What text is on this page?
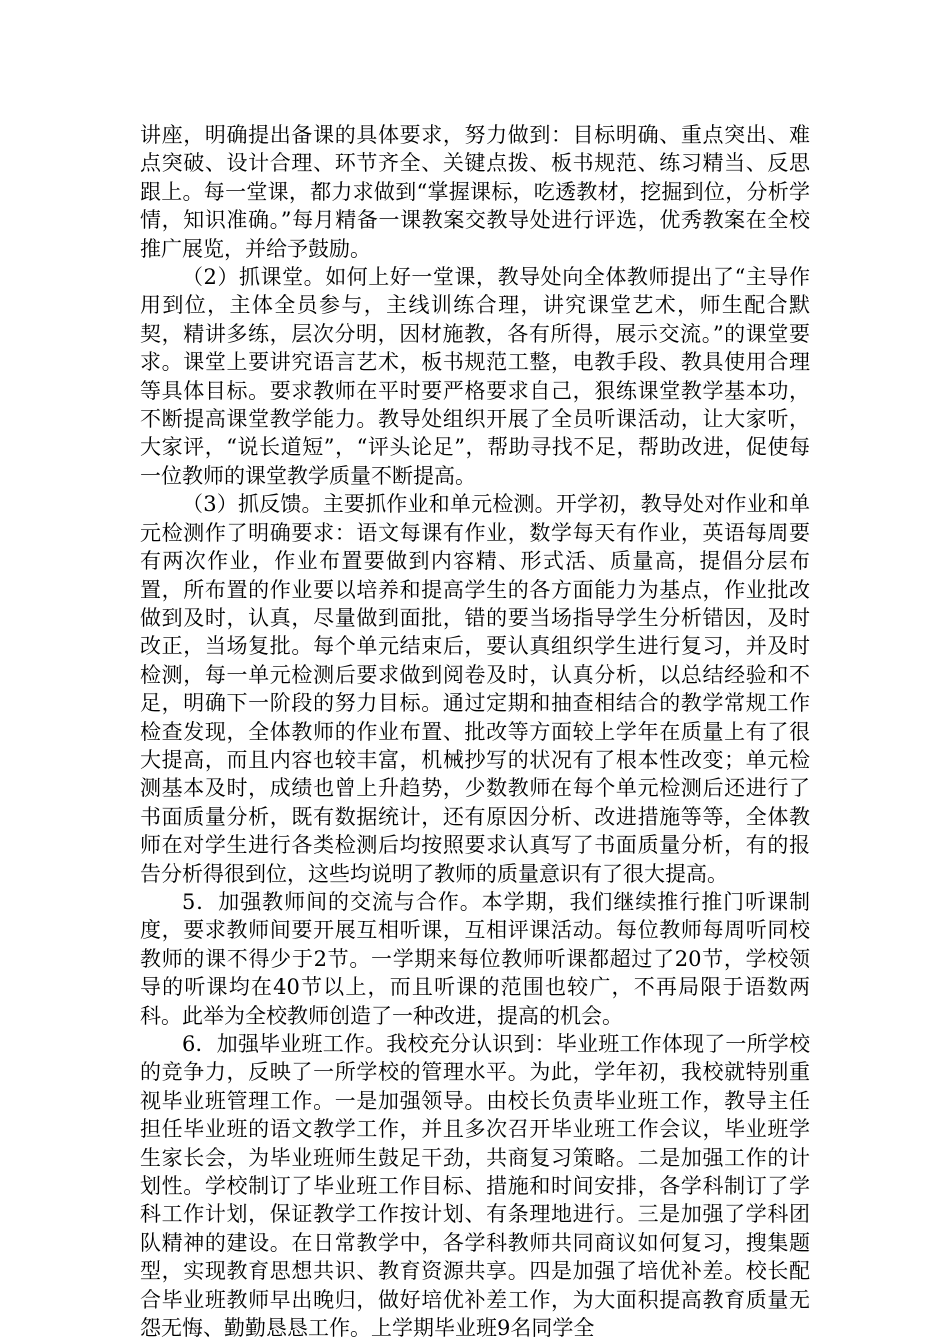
讲座，明确提出备课的具体要求，努力做到：目标明确、重点突出、难点突破、设计合理、环节齐全、关键点拨、板书规范、练习精当、反思跟上。每一堂课，都力求做到“掌握课标，吃透教材，挖掘到位，分析学情，知识准确。”每月精备一课教案交教导处进行评选，优秀教案在全校推广展览，并给予鼓励。

（2）抓课堂。如何上好一堂课，教导处向全体教师提出了“主导作用到位，主体全员参与，主线训练合理，讲究课堂艺术，师生配合默契，精讲多练，层次分明，因材施教，各有所得，展示交流。”的课堂要求。课堂上要讲究语言艺术，板书规范工整，电教手段、教具使用合理等具体目标。要求教师在平时要严格要求自己，狠练课堂教学基本功，不断提高课堂教学能力。教导处组织开展了全员听课活动，让大家听，大家评，“说长道短”，“评头论足”，帮助寻找不足，帮助改进，促使每一位教师的课堂教学质量不断提高。

（3）抓反馈。主要抓作业和单元检测。开学初，教导处对作业和单元检测作了明确要求：语文每课有作业，数学每天有作业，英语每周要有两次作业，作业布置要做到内容精、形式活、质量高，提倡分层布置，所布置的作业要以培养和提高学生的各方面能力为基点，作业批改做到及时，认真，尽量做到面批，错的要当场指导学生分析错因，及时改正，当场复批。每个单元结束后，要认真组织学生进行复习，并及时检测，每一单元检测后要求做到阅卷及时，认真分析，以总结经验和不足，明确下一阶段的努力目标。通过定期和抽查相结合的教学常规工作检查发现，全体教师的作业布置、批改等方面较上学年在质量上有了很大提高，而且内容也较丰富，机械抄写的状况有了根本性改变；单元检测基本及时，成绩也曾上升趋势，少数教师在每个单元检测后还进行了书面质量分析，既有数据统计，还有原因分析、改进措施等等，全体教师在对学生进行各类检测后均按照要求认真写了书面质量分析，有的报告分析得很到位，这些均说明了教师的质量意识有了很大提高。

5．加强教师间的交流与合作。本学期，我们继续推行推门听课制度，要求教师间要开展互相听课，互相评课活动。每位教师每周听同校教师的课不得少于2节。一学期来每位教师听课都超过了20节，学校领导的听课均在40节以上，而且听课的范围也较广，不再局限于语数两科。此举为全校教师创造了一种改进，提高的机会。

6．加强毕业班工作。我校充分认识到：毕业班工作体现了一所学校的竞争力，反映了一所学校的管理水平。为此，学年初，我校就特别重视毕业班管理工作。一是加强领导。由校长负责毕业班工作，教导主任担任毕业班的语文教学工作，并且多次召开毕业班工作会议，毕业班学生家长会，为毕业班师生鼓足干劲，共商复习策略。二是加强工作的计划性。学校制订了毕业班工作目标、措施和时间安排，各学科制订了学科工作计划，保证教学工作按计划、有条理地进行。三是加强了学科团队精神的建设。在日常教学中，各学科教师共同商议如何复习，搜集题型，实现教育思想共识、教育资源共享。四是加强了培优补差。校长配合毕业班教师早出晚归，做好培优补差工作，为大面积提高教育质量无怨无悔、勤勤恳恳工作。上学期毕业班9名同学全
